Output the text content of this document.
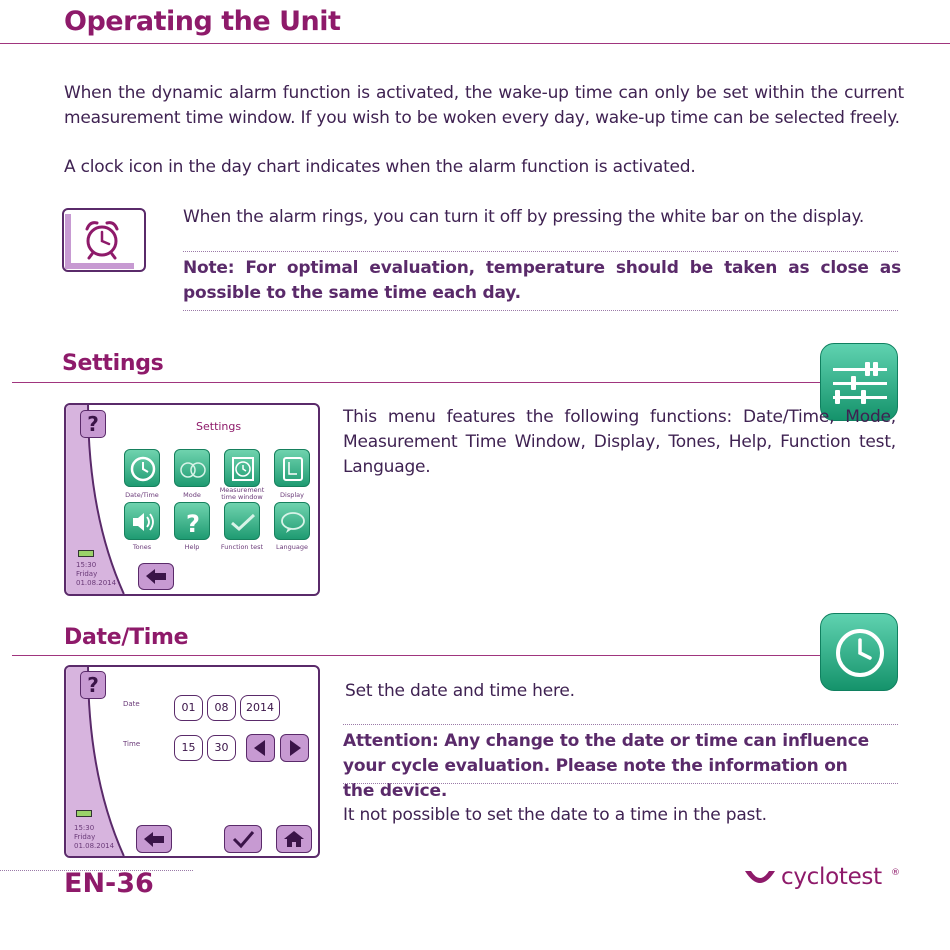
Operating the Unit
When the dynamic alarm function is activated, the wake-up time can only be set within the current measurement time window. If you wish to be woken every day, wake-up time can be selected freely.
A clock icon in the day chart indicates when the alarm function is activated.
When the alarm rings, you can turn it off by pressing the white bar on the display.
Note: For optimal evaluation, temperature should be taken as close as possible to the same time each day.
Settings
This menu features the following functions: Date/Time, Mode, Measurement Time Window, Display, Tones, Help, Function test, Language.
?	Settings
Date/Time	Mode
Measurement time window	Display
Tones
?
Help	Function test	Language
15:30
Friday
01.08.2014
Date/Time
Set the date and time here.
Attention: Any change to the date or time can influence your cycle evaluation. Please note the information on the device.
It not possible to set the date to a time in the past.
?
Date
Time
01	08	2014
15	30
15:30
Friday
01.08.2014
EN-36	cyclotest ®
